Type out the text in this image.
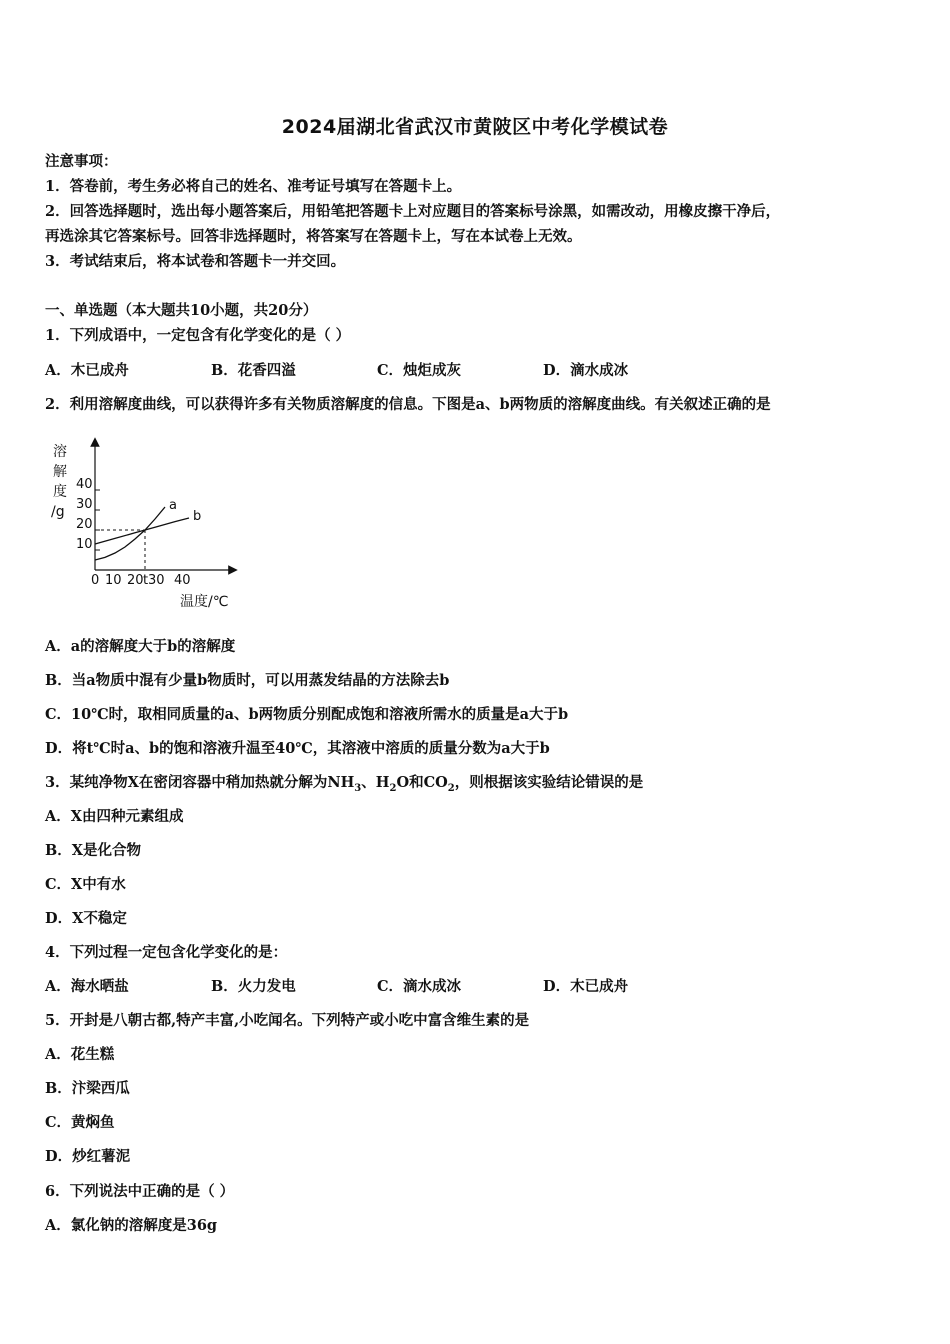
2024届湖北省武汉市黄陂区中考化学模试卷
注意事项：
1．答卷前，考生务必将自己的姓名、准考证号填写在答题卡上。
2．回答选择题时，选出每小题答案后，用铅笔把答题卡上对应题目的答案标号涂黑，如需改动，用橡皮擦干净后，
再选涂其它答案标号。回答非选择题时，将答案写在答题卡上，写在本试卷上无效。
3．考试结束后，将本试卷和答题卡一并交回。
一、单选题（本大题共10小题，共20分）
1．下列成语中，一定包含有化学变化的是（ ）
A．木已成舟	B．花香四溢	C．烛炬成灰	D．滴水成冰
2．利用溶解度曲线，可以获得许多有关物质溶解度的信息。下图是a、b两物质的溶解度曲线。有关叙述正确的是
溶
解
度
/g
温度/℃
10
20
30
40
0 10 20 t 30 40
a
b
A．a的溶解度大于b的溶解度
B．当a物质中混有少量b物质时，可以用蒸发结晶的方法除去b
C．10℃时，取相同质量的a、b两物质分别配成饱和溶液所需水的质量是a大于b
D．将t℃时a、b的饱和溶液升温至40℃，其溶液中溶质的质量分数为a大于b
3．某纯净物X在密闭容器中稍加热就分解为$NH_3$、$H_2O$和$CO_2$，则根据该实验结论错误的是
A．X由四种元素组成
B．X是化合物
C．X中有水
D．X不稳定
4．下列过程一定包含化学变化的是：
A．海水晒盐	B．火力发电	C．滴水成冰	D．木已成舟
5．开封是八朝古都,特产丰富,小吃闻名。下列特产或小吃中富含维生素的是
A．花生糕
B．汴梁西瓜
C．黄焖鱼
D．炒红薯泥
6．下列说法中正确的是（ ）
A．氯化钠的溶解度是36g
